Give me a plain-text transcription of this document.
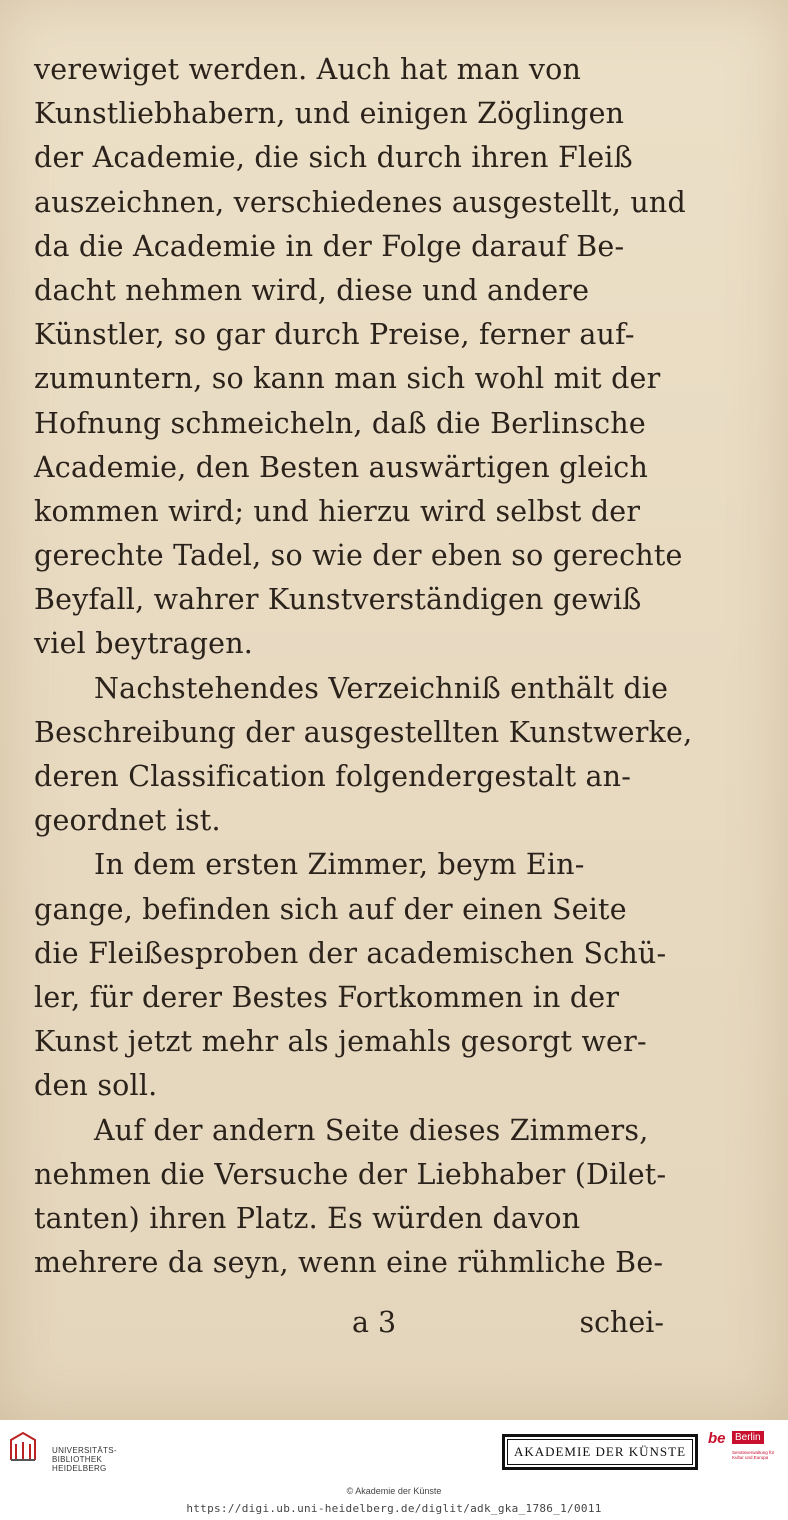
verewiget werden. Auch hat man von
Kunstliebhabern, und einigen Zöglingen
der Academie, die sich durch ihren Fleiß
auszeichnen, verschiedenes ausgestellt, und
da die Academie in der Folge darauf Be-
dacht nehmen wird, diese und andere
Künstler, so gar durch Preise, ferner auf-
zumuntern, so kann man sich wohl mit der
Hofnung schmeicheln, daß die Berlinsche
Academie, den Besten auswärtigen gleich
kommen wird; und hierzu wird selbst der
gerechte Tadel, so wie der eben so gerechte
Beyfall, wahrer Kunstverständigen gewiß
viel beytragen.
Nachstehendes Verzeichniß enthält die
Beschreibung der ausgestellten Kunstwerke,
deren Classification folgendergestalt an-
geordnet ist.
In dem ersten Zimmer, beym Ein-
gange, befinden sich auf der einen Seite
die Fleißesproben der academischen Schü-
ler, für derer Bestes Fortkommen in der
Kunst jetzt mehr als jemahls gesorgt wer-
den soll.
Auf der andern Seite dieses Zimmers,
nehmen die Versuche der Liebhaber (Dilet-
tanten) ihren Platz. Es würden davon
mehrere da seyn, wenn eine rühmliche Be-
a 3	schei-
UNIVERSITÄTS-
BIBLIOTHEK
HEIDELBERG
AKADEMIE DER KÜNSTE
be Berlin
Senatsverwaltung für Kultur und Europa
© Akademie der Künste
https://digi.ub.uni-heidelberg.de/diglit/adk_gka_1786_1/0011
